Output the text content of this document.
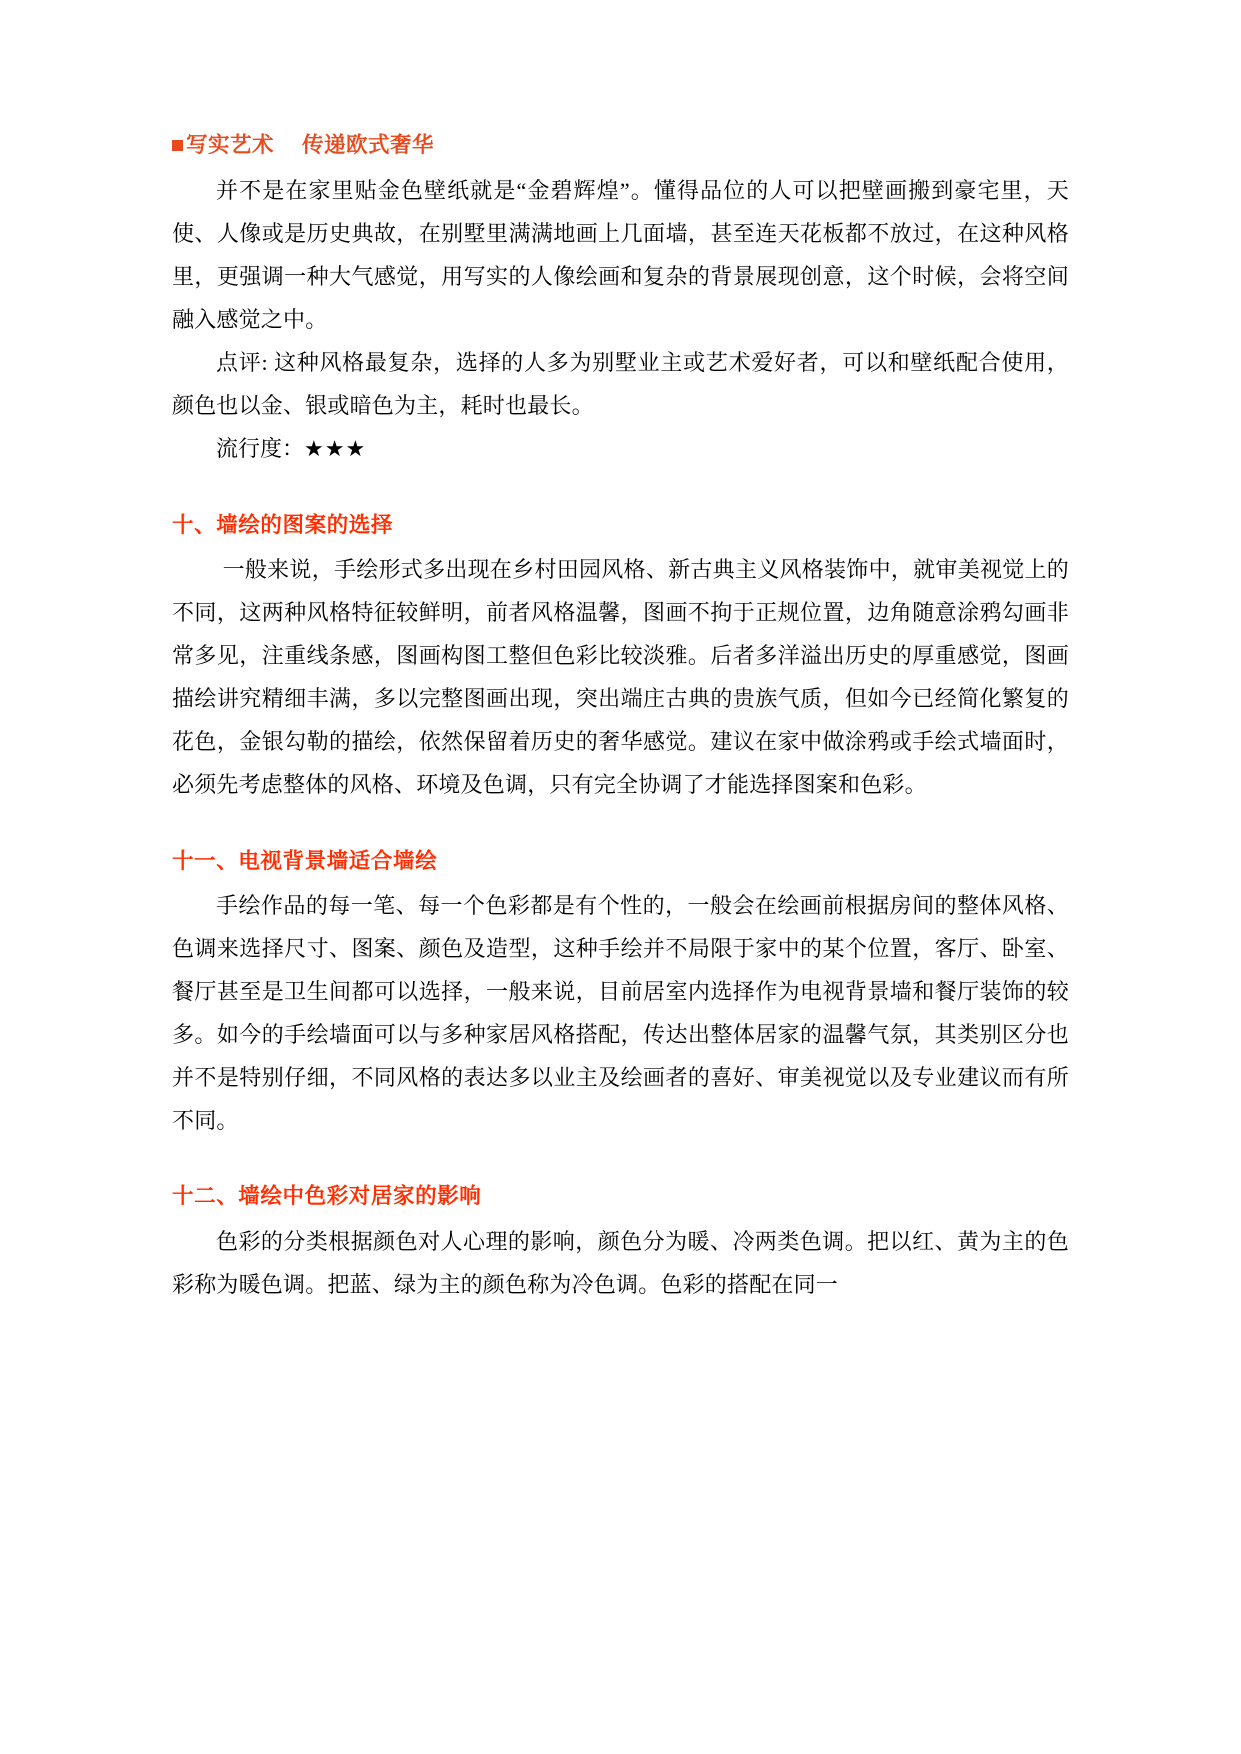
写实艺术 传递欧式奢华

并不是在家里贴金色壁纸就是“金碧辉煌”。懂得品位的人可以把壁画搬到豪宅里，天使、人像或是历史典故，在别墅里满满地画上几面墙，甚至连天花板都不放过，在这种风格里，更强调一种大气感觉，用写实的人像绘画和复杂的背景展现创意，这个时候，会将空间融入感觉之中。

点评: 这种风格最复杂，选择的人多为别墅业主或艺术爱好者，可以和壁纸配合使用，颜色也以金、银或暗色为主，耗时也最长。

流行度：★★★
十、墙绘的图案的选择

一般来说，手绘形式多出现在乡村田园风格、新古典主义风格装饰中，就审美视觉上的不同，这两种风格特征较鲜明，前者风格温馨，图画不拘于正规位置，边角随意涂鸦勾画非常多见，注重线条感，图画构图工整但色彩比较淡雅。后者多洋溢出历史的厚重感觉，图画描绘讲究精细丰满，多以完整图画出现，突出端庄古典的贵族气质，但如今已经简化繁复的花色，金银勾勒的描绘，依然保留着历史的奢华感觉。建议在家中做涂鸦或手绘式墙面时，必须先考虑整体的风格、环境及色调，只有完全协调了才能选择图案和色彩。

十一、电视背景墙适合墙绘

手绘作品的每一笔、每一个色彩都是有个性的，一般会在绘画前根据房间的整体风格、色调来选择尺寸、图案、颜色及造型，这种手绘并不局限于家中的某个位置，客厅、卧室、餐厅甚至是卫生间都可以选择，一般来说，目前居室内选择作为电视背景墙和餐厅装饰的较多。如今的手绘墙面可以与多种家居风格搭配，传达出整体居家的温馨气氛，其类别区分也并不是特别仔细，不同风格的表达多以业主及绘画者的喜好、审美视觉以及专业建议而有所不同。

十二、墙绘中色彩对居家的影响

色彩的分类根据颜色对人心理的影响，颜色分为暖、冷两类色调。把以红、黄为主的色彩称为暖色调。把蓝、绿为主的颜色称为冷色调。色彩的搭配在同一
